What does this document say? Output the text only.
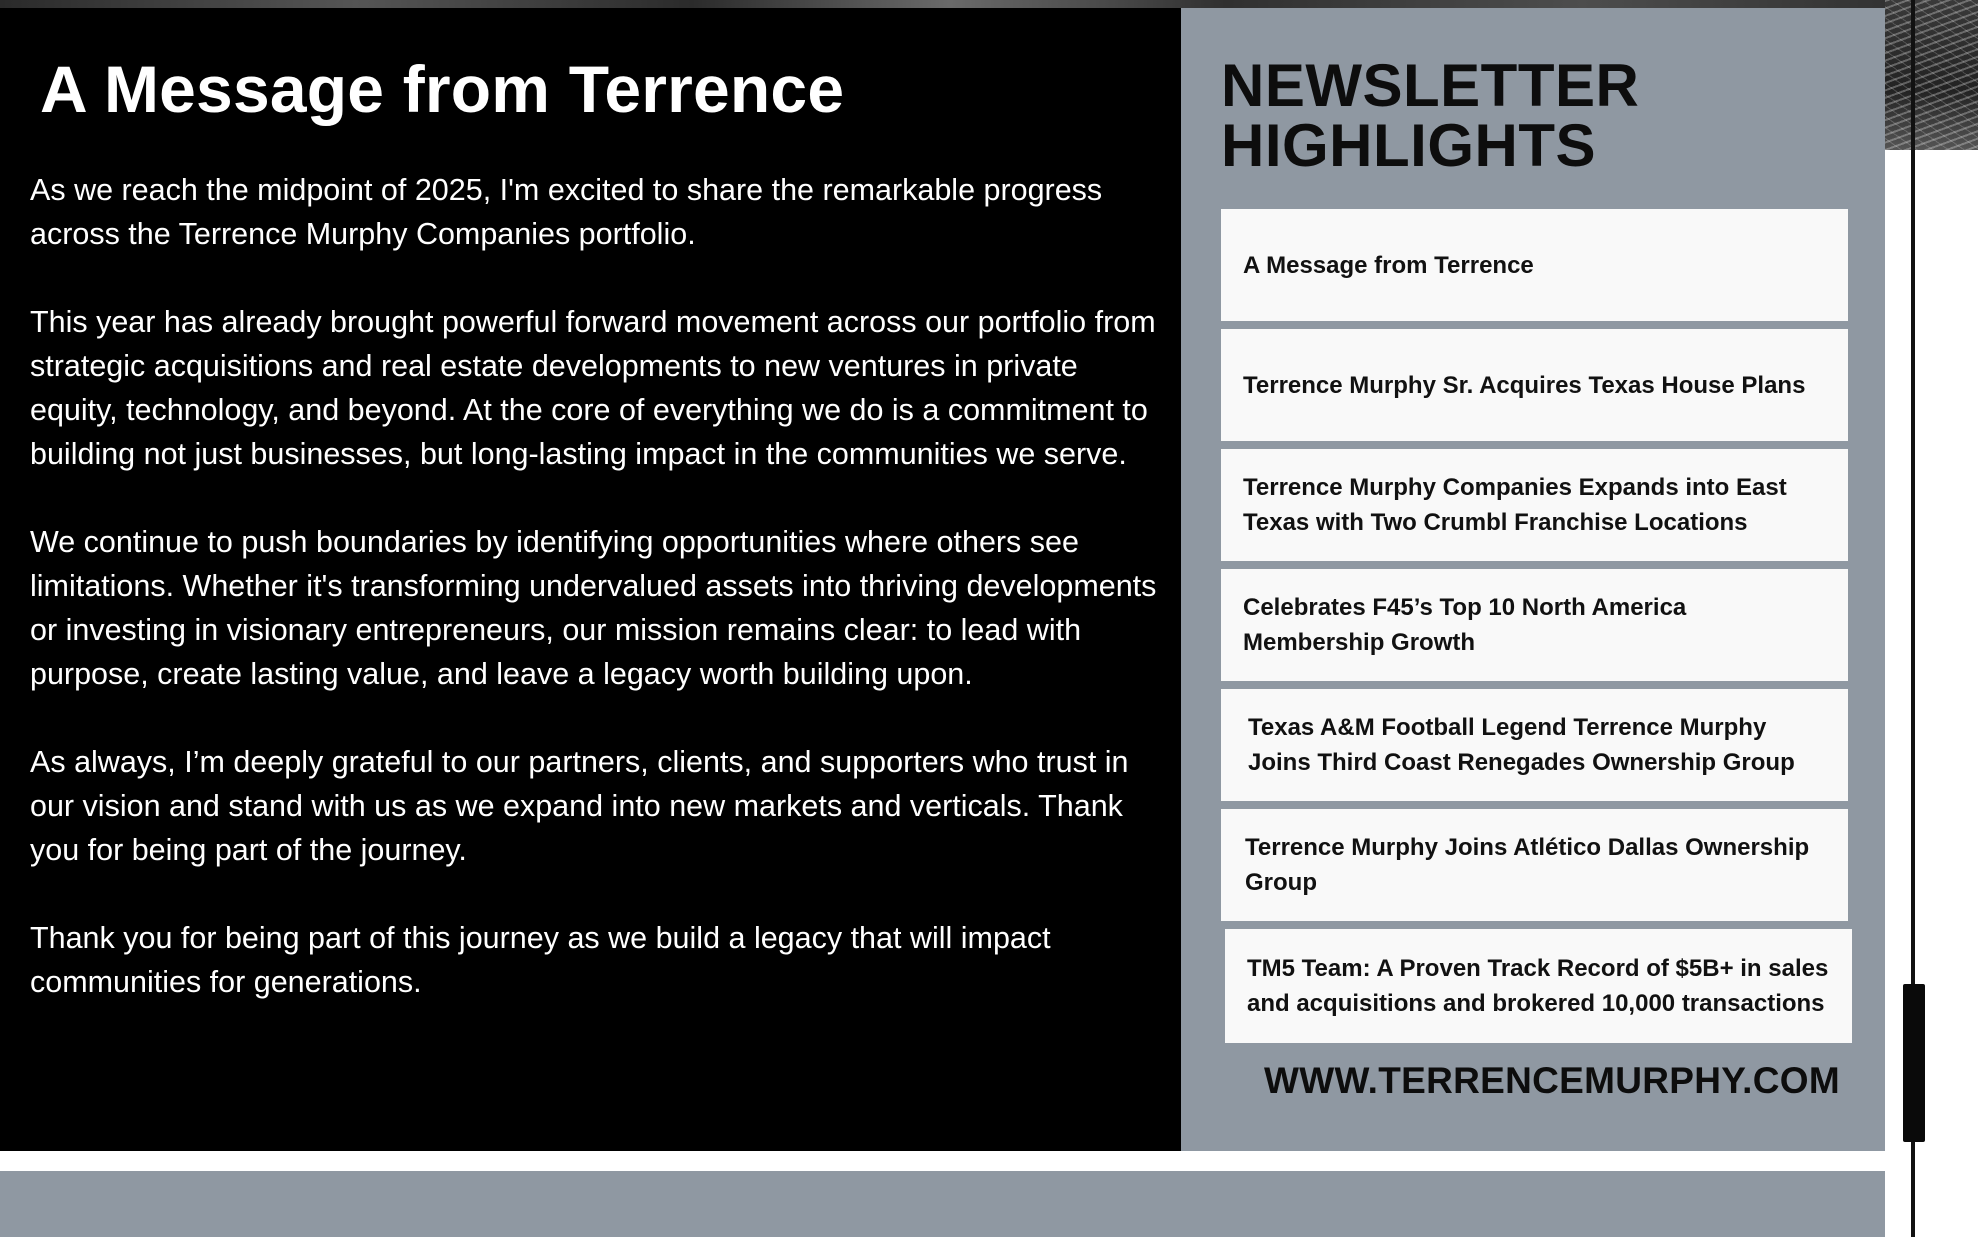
A Message from Terrence

As we reach the midpoint of 2025, I'm excited to share the remarkable progress across the Terrence Murphy Companies portfolio.

This year has already brought powerful forward movement across our portfolio from strategic acquisitions and real estate developments to new ventures in private equity, technology, and beyond. At the core of everything we do is a commitment to building not just businesses, but long-lasting impact in the communities we serve.

We continue to push boundaries by identifying opportunities where others see limitations. Whether it's transforming undervalued assets into thriving developments or investing in visionary entrepreneurs, our mission remains clear: to lead with purpose, create lasting value, and leave a legacy worth building upon.

As always, I’m deeply grateful to our partners, clients, and supporters who trust in our vision and stand with us as we expand into new markets and verticals. Thank you for being part of the journey.

Thank you for being part of this journey as we build a legacy that will impact communities for generations.

NEWSLETTER
HIGHLIGHTS
A Message from Terrence
Terrence Murphy Sr. Acquires Texas House Plans
Terrence Murphy Companies Expands into East Texas with Two Crumbl Franchise Locations
Celebrates F45’s Top 10 North America Membership Growth
Texas A&M Football Legend Terrence Murphy Joins Third Coast Renegades Ownership Group
Terrence Murphy Joins Atlético Dallas Ownership Group
TM5 Team: A Proven Track Record of $5B+ in sales and acquisitions and brokered 10,000 transactions
WWW.TERRENCEMURPHY.COM
